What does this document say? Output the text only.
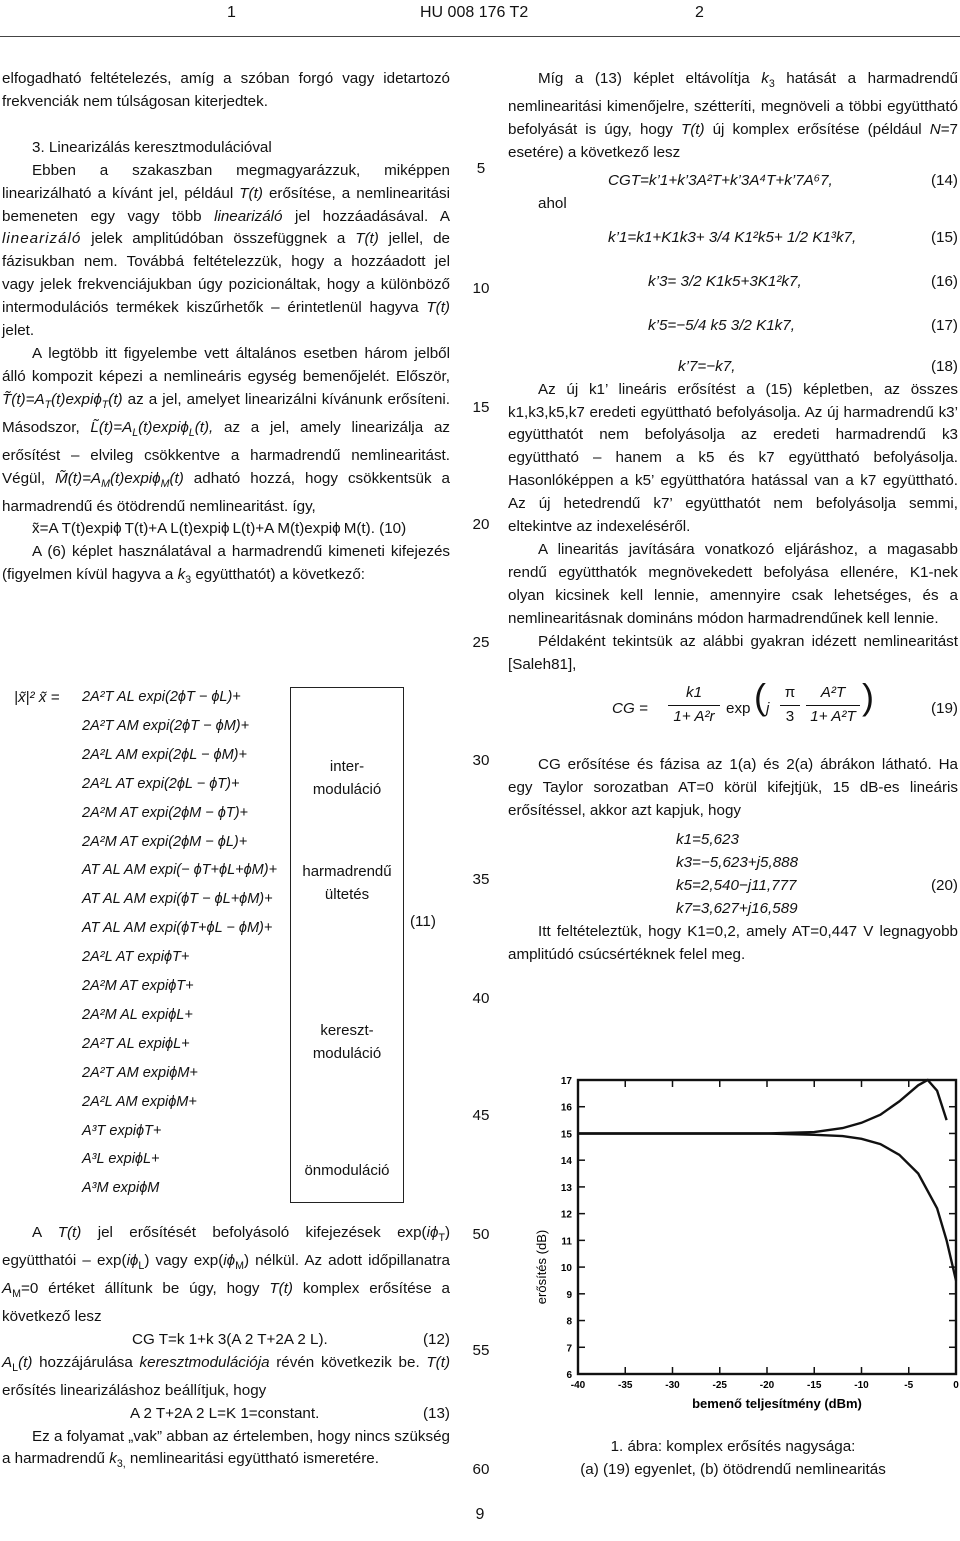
1	HU 008 176 T2	2

elfogadható feltételezés, amíg a szóban forgó vagy idetartozó frekvenciák nem túlságosan kiterjedtek.

3. Linearizálás keresztmodulációval

Ebben a szakaszban megmagyarázzuk, miképpen linearizálható a kívánt jel, például T(t) erősítése, a nemlinearitási bemeneten egy vagy több linearizáló jel hozzáadásával. A linearizáló jelek amplitúdóban összefüggnek a T(t) jellel, de fázisukban nem. Továbbá feltételezzük, hogy a hozzáadott jel vagy jelek frekvenciájukban úgy pozicionáltak, hogy a különböző intermodulációs termékek kiszűrhetők – érintetlenül hagyva T(t) jelet.

A legtöbb itt figyelembe vett általános esetben három jelből álló kompozit képezi a nemlineáris egység bemenőjelét. Először, $T̃(t)=A_T(t)\exp i\phi_T(t)$ az a jel, amelyet linearizálni kívánunk erősíteni. Másodszor, $L̃(t)=A_L(t)\exp i\phi_L(t)$, az a jel, amely linearizálja az erősítést – elvileg csökkentve a harmadrendű nemlinearitást. Végül, $M̃(t)=A_M(t)\exp i\phi_M(t)$ adható hozzá, hogy csökkentsük a harmadrendű és ötödrendű nemlinearitást. így,

x̃=A T(t)expiϕ T(t)+A L(t)expiϕ L(t)+A M(t)expiϕ M(t). (10)

A (6) képlet használatával a harmadrendű kimeneti kifejezés (figyelmen kívül hagyva a $k_3$ együtthatót) a következő:

|x̃|² x̃ = 2A²T AL expi(2ϕT − ϕL)+
2A²T AM expi(2ϕT − ϕM)+
2A²L AM expi(2ϕL − ϕM)+
2A²L AT expi(2ϕL − ϕT)+
2A²M AT expi(2ϕM − ϕT)+
2A²M AT expi(2ϕM − ϕL)+
AT AL AM expi(− ϕT+ϕL+ϕM)+
AT AL AM expi(ϕT − ϕL+ϕM)+
AT AL AM expi(ϕT+ϕL − ϕM)+
2A²L AT expiϕT+
2A²M AT expiϕT+
2A²M AL expiϕL+
2A²T AL expiϕL+
2A²T AM expiϕM+
2A²L AM expiϕM+
A³T expiϕT+
A³L expiϕL+
A³M expiϕM
inter-
moduláció
harmadrendű
ültetés
kereszt-
moduláció
önmoduláció
(11)

A T(t) jel erősítését befolyásoló kifejezések $\exp(i\phi_T)$ együtthatói – $\exp(i\phi_L)$ vagy $\exp(i\phi_M)$ nélkül. Az adott időpillanatra $A_M=0$ értéket állítunk be úgy, hogy T(t) komplex erősítése a következő lesz

CG T=k 1+k 3(A 2 T+2A 2 L).	(12)

$A_L(t)$ hozzájárulása keresztmodulációja révén következik be. T(t) erősítés linearizáláshoz beállítjuk, hogy

A 2 T+2A 2 L=K 1=constant.	(13)

Ez a folyamat „vak” abban az értelemben, hogy nincs szükség a harmadrendű $k_{3,}$ nemlinearitási együttható ismeretére.

5
10
15
20
25
30
35
40
45
50
55
60

Míg a (13) képlet eltávolítja $k_3$ hatását a harmadrendű nemlinearitási kimenőjelre, szétteríti, megnöveli a többi együttható befolyását is úgy, hogy T(t) új komplex erősítése (például N=7 esetére) a következő lesz

CGT=k’1+k’3A²T+k’3A⁴T+k’7A⁶7,	(14)
ahol
k’1=k1+K1k3+ 3/4 K1²k5+ 1/2 K1³k7,	(15)
k’3= 3/2 K1k5+3K1²k7,	(16)
k’5=−5/4 k5 3/2 K1k7,	(17)
k’7=−k7,	(18)

Az új k1’ lineáris erősítést a (15) képletben, az összes k1,k3,k5,k7 eredeti együttható befolyásolja. Az új harmadrendű k3’ együtthatót nem befolyásolja az eredeti harmadrendű k3 együttható – hanem a k5 és k7 együttható befolyásolja. Hasonlóképpen a k5’ együtthatóra hatással van a k7 együttható. Az új hetedrendű k7’ együtthatót nem befolyásolja semmi, eltekintve az indexeléséről.

A linearitás javítására vonatkozó eljáráshoz, a magasabb rendű együtthatók megnövekedett befolyása ellenére, K1-nek olyan kicsinek kell lennie, amennyire csak lehetséges, és a nemlinearitásnak domináns módon harmadrendűnek kell lennie.

Példaként tekintsük az alábbi gyakran idézett nemlinearitást [Saleh81],

CG =
k1
1+ A²r exp ( j
π
3
A²T
1+ A²T )	(19)

CG erősítése és fázisa az 1(a) és 2(a) ábrákon látható. Ha egy Taylor sorozatban AT=0 körül kifejtjük, 15 dB-es lineáris erősítéssel, akkor azt kapjuk, hogy

k1=5,623
k3=−5,623+j5,888
k5=2,540−j11,777
k7=3,627+j16,589
(20)

Itt feltételeztük, hogy K1=0,2, amely AT=0,447 V legnagyobb amplitúdó csúcsértéknek felel meg.

17
16
15
14
13
12
11
10
9
8
7
6
-40	-35	-30	-25	-20	-15	-10	-5	0
bemenő teljesítmény (dBm)
erősítés (dB)
1. ábra: komplex erősítés nagysága:
(a) (19) egyenlet, (b) ötödrendű nemlinearitás
9
